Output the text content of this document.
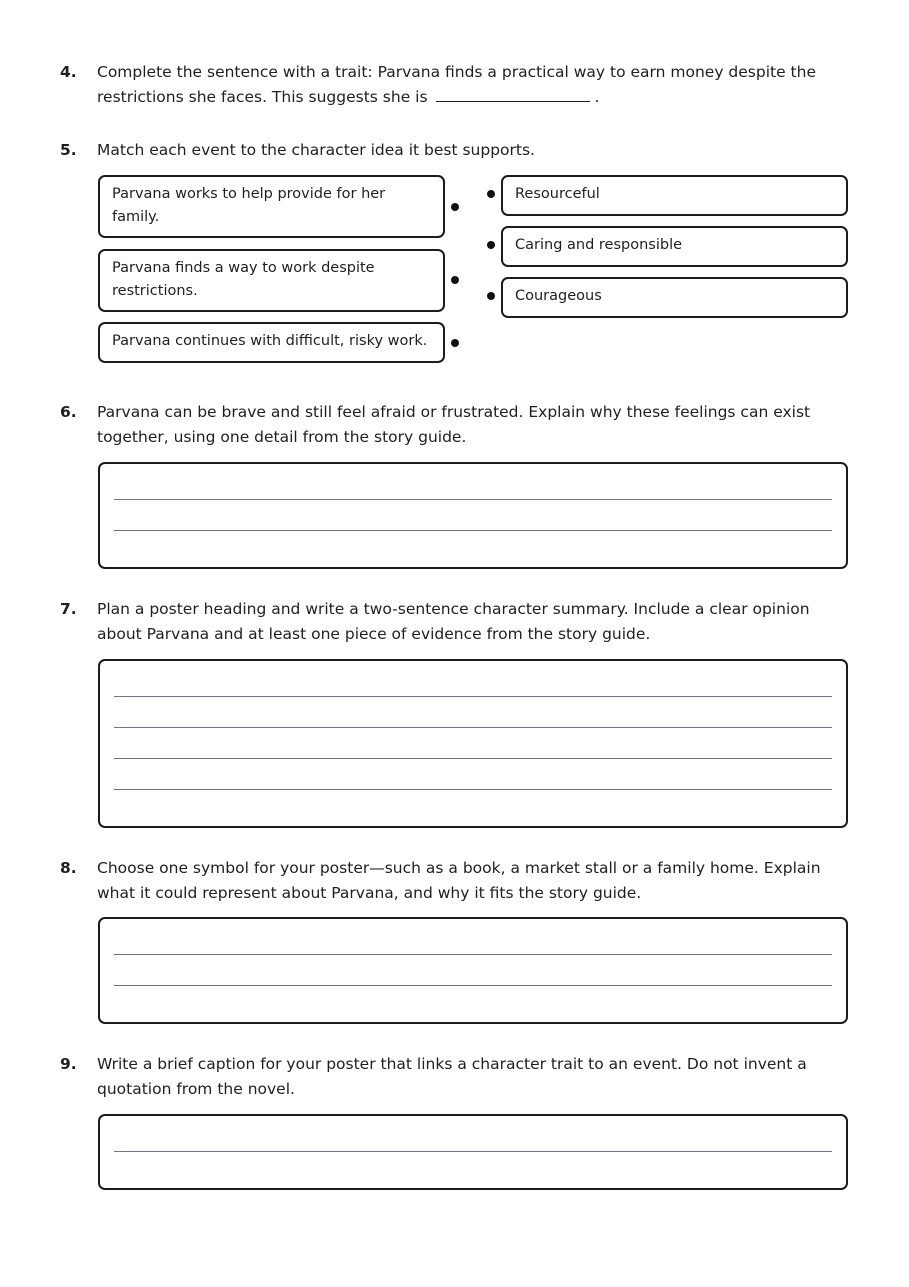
4. Complete the sentence with a trait: Parvana finds a practical way to earn money despite the restrictions she faces. This suggests she is	.
5. Match each event to the character idea it best supports.
Parvana works to help provide for her family.
Parvana finds a way to work despite restrictions.
Parvana continues with difficult, risky work.
Resourceful
Caring and responsible
Courageous
6. Parvana can be brave and still feel afraid or frustrated. Explain why these feelings can exist together, using one detail from the story guide.
7. Plan a poster heading and write a two-sentence character summary. Include a clear opinion about Parvana and at least one piece of evidence from the story guide.
8. Choose one symbol for your poster—such as a book, a market stall or a family home. Explain what it could represent about Parvana, and why it fits the story guide.
9. Write a brief caption for your poster that links a character trait to an event. Do not invent a quotation from the novel.
